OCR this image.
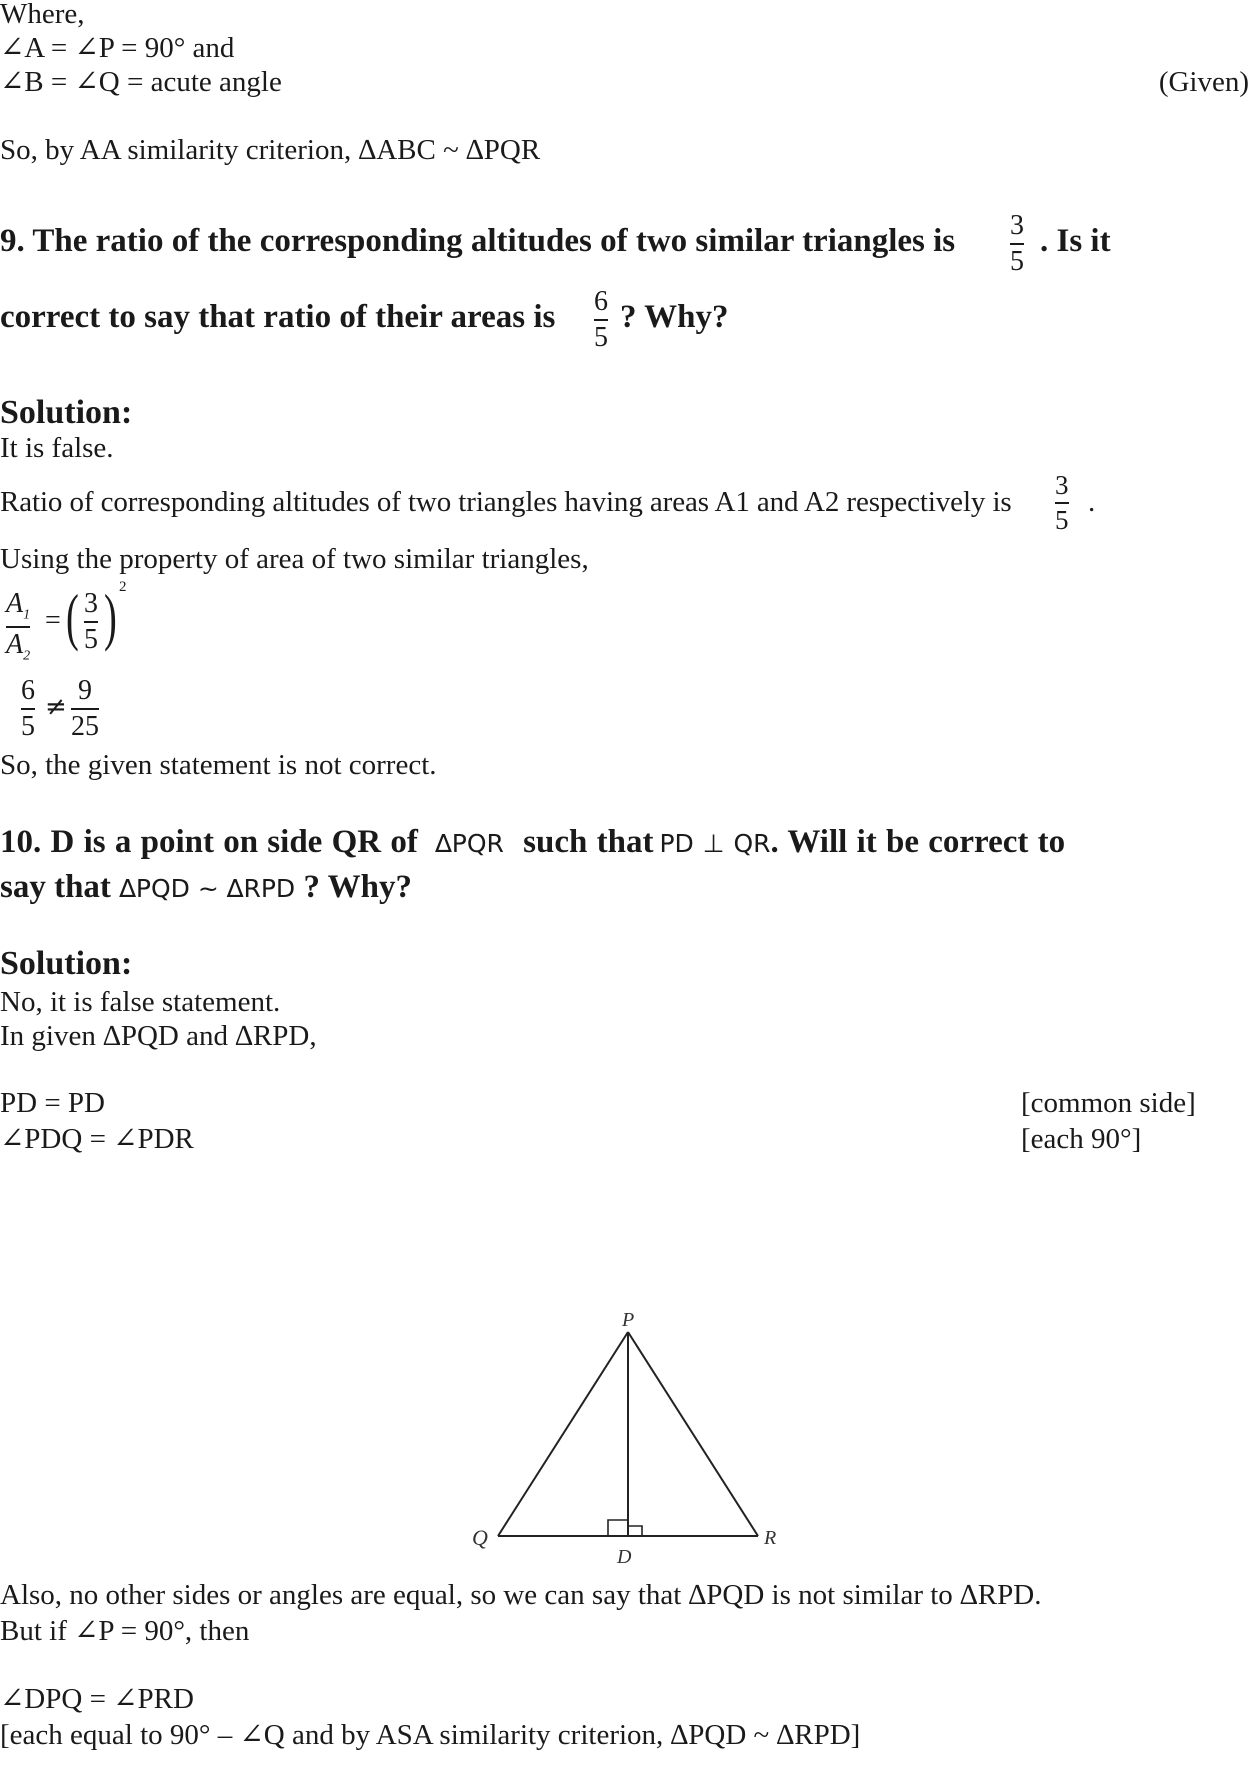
Where,
∠A = ∠P = 90° and
∠B = ∠Q = acute angle	(Given)
So, by AA similarity criterion, ∆ABC ~ ∆PQR
9. The ratio of the corresponding altitudes of two similar triangles is 3
5
. Is it
correct to say that ratio of their areas is 6
5
? Why?
Solution:
It is false.
Ratio of corresponding altitudes of two triangles having areas A1 and A2 respectively is
3
5
.
Using the property of area of two similar triangles,
$A_1$
$A_2$
= ( 3
5 ) 2
6
5
≠
9
25
So, the given statement is not correct.
10. D is a point on side QR of ∆PQR such that PD ⊥ QR. Will it be correct to
say that ∆PQD ~ ∆RPD ? Why?
Solution:
No, it is false statement.
In given ∆PQD and ∆RPD,
PD = PD	[common side]
∠PDQ = ∠PDR	[each 90°]
P
Q	R
D
Also, no other sides or angles are equal, so we can say that ∆PQD is not similar to ∆RPD.
But if ∠P = 90°, then
∠DPQ = ∠PRD
[each equal to 90° – ∠Q and by ASA similarity criterion, ∆PQD ~ ∆RPD]
